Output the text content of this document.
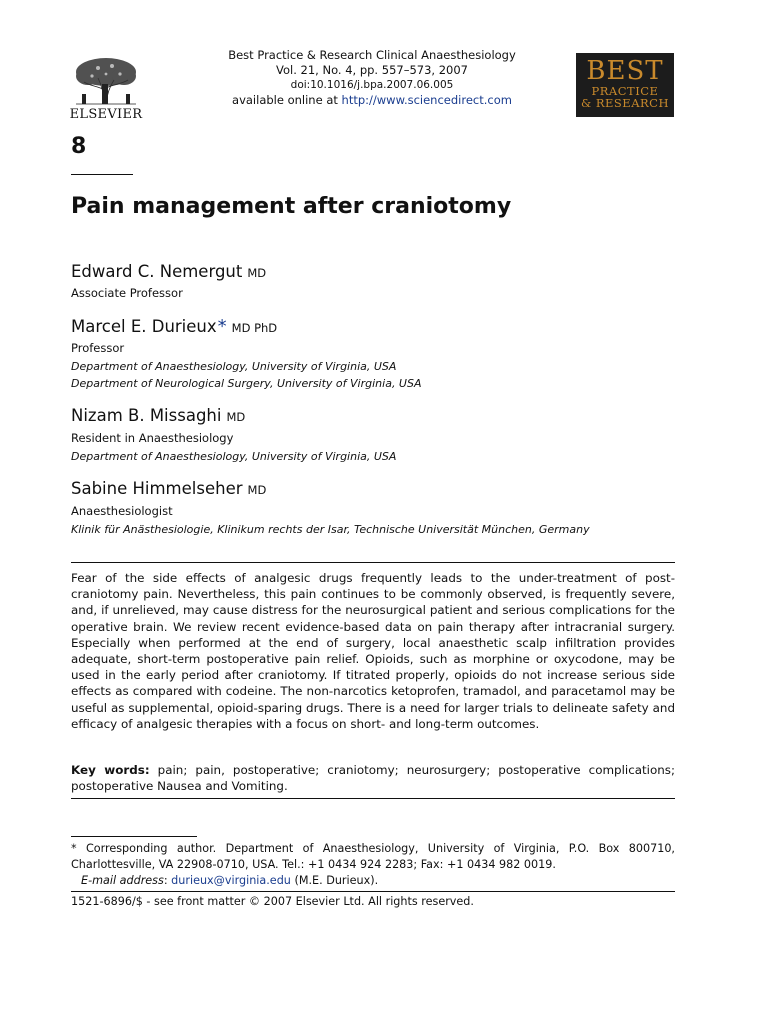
ELSEVIER
Best Practice & Research Clinical Anaesthesiology
Vol. 21, No. 4, pp. 557–573, 2007
doi:10.1016/j.bpa.2007.06.005
available online at http://www.sciencedirect.com
BEST
PRACTICE
& RESEARCH
8
Pain management after craniotomy
Edward C. Nemergut MD
Associate Professor
Marcel E. Durieux* MD PhD
Professor
Department of Anaesthesiology, University of Virginia, USA
Department of Neurological Surgery, University of Virginia, USA
Nizam B. Missaghi MD
Resident in Anaesthesiology
Department of Anaesthesiology, University of Virginia, USA
Sabine Himmelseher MD
Anaesthesiologist
Klinik für Anästhesiologie, Klinikum rechts der Isar, Technische Universität München, Germany

Fear of the side effects of analgesic drugs frequently leads to the under-treatment of post-craniotomy pain. Nevertheless, this pain continues to be commonly observed, is frequently severe, and, if unrelieved, may cause distress for the neurosurgical patient and serious complications for the operative brain. We review recent evidence-based data on pain therapy after intracranial surgery. Especially when performed at the end of surgery, local anaesthetic scalp infiltration provides adequate, short-term postoperative pain relief. Opioids, such as morphine or oxycodone, may be used in the early period after craniotomy. If titrated properly, opioids do not increase serious side effects as compared with codeine. The non-narcotics ketoprofen, tramadol, and paracetamol may be useful as supplemental, opioid-sparing drugs. There is a need for larger trials to delineate safety and efficacy of analgesic therapies with a focus on short- and long-term outcomes.

Key words: pain; pain, postoperative; craniotomy; neurosurgery; postoperative complications; postoperative Nausea and Vomiting.

* Corresponding author. Department of Anaesthesiology, University of Virginia, P.O. Box 800710, Charlottesville, VA 22908-0710, USA. Tel.: +1 0434 924 2283; Fax: +1 0434 982 0019.
E-mail address: durieux@virginia.edu (M.E. Durieux).
1521-6896/$ - see front matter © 2007 Elsevier Ltd. All rights reserved.
